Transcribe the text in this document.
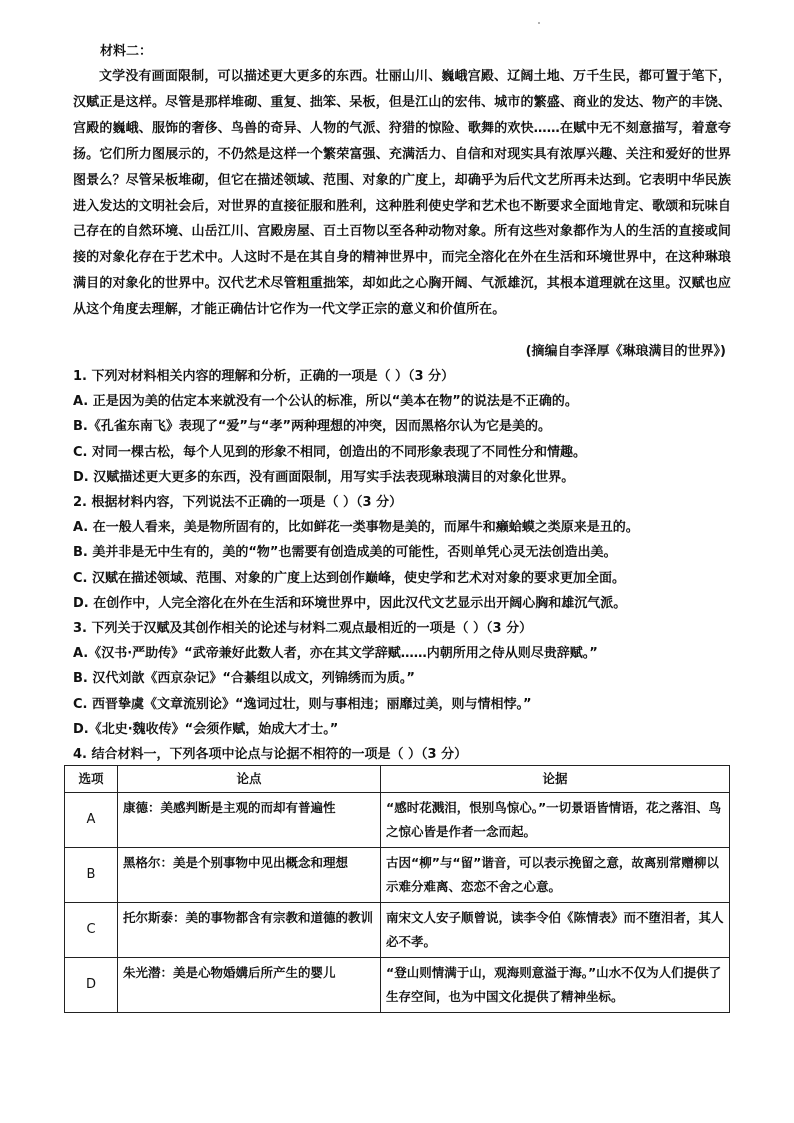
材料二：

文学没有画面限制，可以描述更大更多的东西。壮丽山川、巍峨宫殿、辽阔土地、万千生民，都可置于笔下，汉赋正是这样。尽管是那样堆砌、重复、拙笨、呆板，但是江山的宏伟、城市的繁盛、商业的发达、物产的丰饶、宫殿的巍峨、服饰的奢侈、鸟兽的奇异、人物的气派、狩猎的惊险、歌舞的欢快……在赋中无不刻意描写，着意夸扬。它们所力图展示的，不仍然是这样一个繁荣富强、充满活力、自信和对现实具有浓厚兴趣、关注和爱好的世界图景么？尽管呆板堆砌，但它在描述领域、范围、对象的广度上，却确乎为后代文艺所再未达到。它表明中华民族进入发达的文明社会后，对世界的直接征服和胜利，这种胜利使史学和艺术也不断要求全面地肯定、歌颂和玩味自己存在的自然环境、山岳江川、宫殿房屋、百土百物以至各种动物对象。所有这些对象都作为人的生活的直接或间接的对象化存在于艺术中。人这时不是在其自身的精神世界中，而完全溶化在外在生活和环境世界中，在这种琳琅满目的对象化的世界中。汉代艺术尽管粗重拙笨，却如此之心胸开阔、气派雄沉，其根本道理就在这里。汉赋也应从这个角度去理解，才能正确估计它作为一代文学正宗的意义和价值所在。

(摘编自李泽厚《琳琅满目的世界》)
1. 下列对材料相关内容的理解和分析，正确的一项是（ ）（3 分）
A. 正是因为美的估定本来就没有一个公认的标准，所以“美本在物”的说法是不正确的。
B.《孔雀东南飞》表现了“爱”与“孝”两种理想的冲突，因而黑格尔认为它是美的。
C. 对同一棵古松，每个人见到的形象不相同，创造出的不同形象表现了不同性分和情趣。
D. 汉赋描述更大更多的东西，没有画面限制，用写实手法表现琳琅满目的对象化世界。
2. 根据材料内容，下列说法不正确的一项是（ ）（3 分）
A. 在一般人看来，美是物所固有的，比如鲜花一类事物是美的，而犀牛和癞蛤蟆之类原来是丑的。
B. 美并非是无中生有的，美的“物”也需要有创造成美的可能性，否则单凭心灵无法创造出美。
C. 汉赋在描述领域、范围、对象的广度上达到创作巅峰，使史学和艺术对对象的要求更加全面。
D. 在创作中，人完全溶化在外在生活和环境世界中，因此汉代文艺显示出开阔心胸和雄沉气派。
3. 下列关于汉赋及其创作相关的论述与材料二观点最相近的一项是（ ）（3 分）
A.《汉书·严助传》“武帝兼好此数人者，亦在其文学辞赋……内朝所用之侍从则尽贵辞赋。”
B. 汉代刘歆《西京杂记》“合綦组以成文，列锦绣而为质。”
C. 西晋挚虞《文章流别论》“逸词过壮，则与事相违；丽靡过美，则与情相悖。”
D.《北史·魏收传》“会须作赋，始成大才士。”
4. 结合材料一，下列各项中论点与论据不相符的一项是（ ）（3 分）
选项	论点	论据
A	康德：美感判断是主观的而却有普遍性	“感时花溅泪，恨别鸟惊心。”一切景语皆情语，花之落泪、鸟之惊心皆是作者一念而起。
B	黑格尔：美是个别事物中见出概念和理想	古因“柳”与“留”谐音，可以表示挽留之意，故离别常赠柳以示难分难离、恋恋不舍之心意。
C	托尔斯泰：美的事物都含有宗教和道德的教训	南宋文人安子顺曾说，读李令伯《陈情表》而不堕泪者，其人必不孝。
D	朱光潜：美是心物婚媾后所产生的婴儿	“登山则情满于山，观海则意溢于海。”山水不仅为人们提供了生存空间，也为中国文化提供了精神坐标。
